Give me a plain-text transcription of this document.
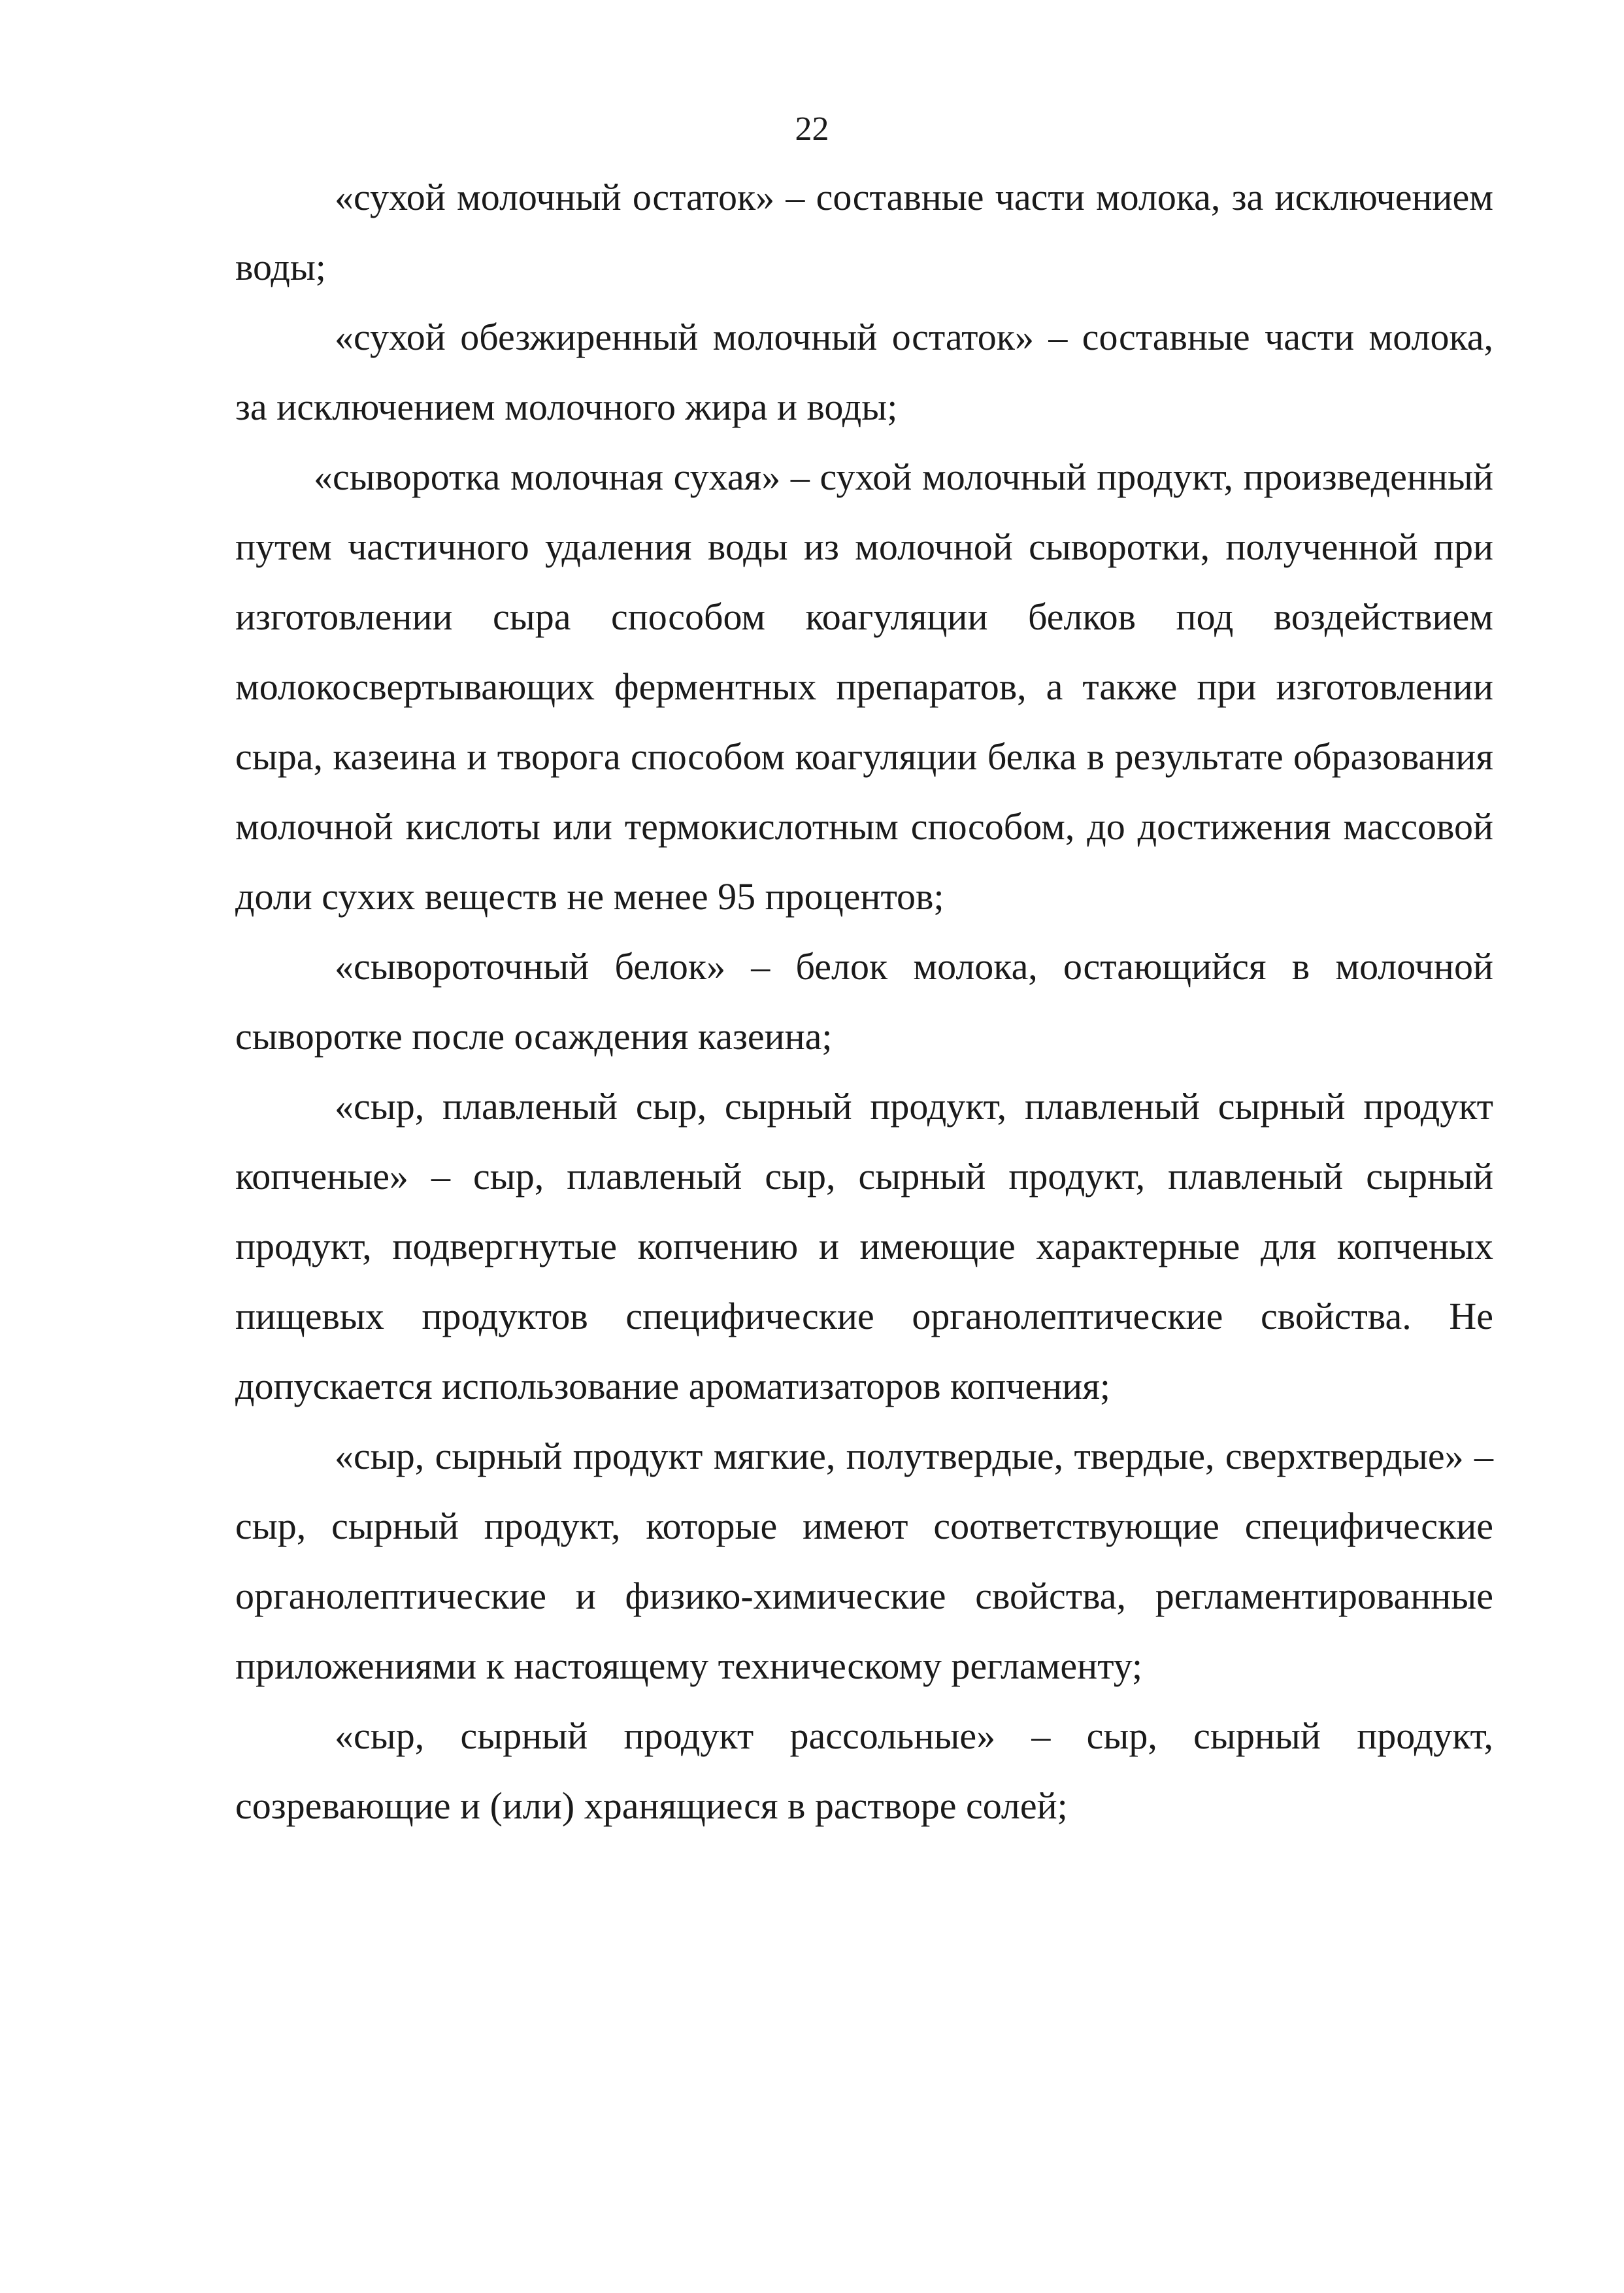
22

«сухой молочный остаток» – составные части молока, за исключением воды;

«сухой обезжиренный молочный остаток» – составные части молока, за исключением молочного жира и воды;

«сыворотка молочная сухая» – сухой молочный продукт, произведенный путем частичного удаления воды из молочной сыворотки, полученной при изготовлении сыра способом коагуляции белков под воздействием молокосвертывающих ферментных препаратов, а также при изготовлении сыра, казеина и творога способом коагуляции белка в результате образования молочной кислоты или термокислотным способом, до достижения массовой доли сухих веществ не менее 95 процентов;

«сывороточный белок» – белок молока, остающийся в молочной сыворотке после осаждения казеина;

«сыр, плавленый сыр, сырный продукт, плавленый сырный продукт копченые» – сыр, плавленый сыр, сырный продукт, плавленый сырный продукт, подвергнутые копчению и имеющие характерные для копченых пищевых продуктов специфические органолептические свойства. Не допускается использование ароматизаторов копчения;

«сыр, сырный продукт мягкие, полутвердые, твердые, сверхтвердые» – сыр, сырный продукт, которые имеют соответствующие специфические органолептические и физико-химические свойства, регламентированные приложениями к настоящему техническому регламенту;

«сыр, сырный продукт рассольные» – сыр, сырный продукт, созревающие и (или) хранящиеся в растворе солей;
